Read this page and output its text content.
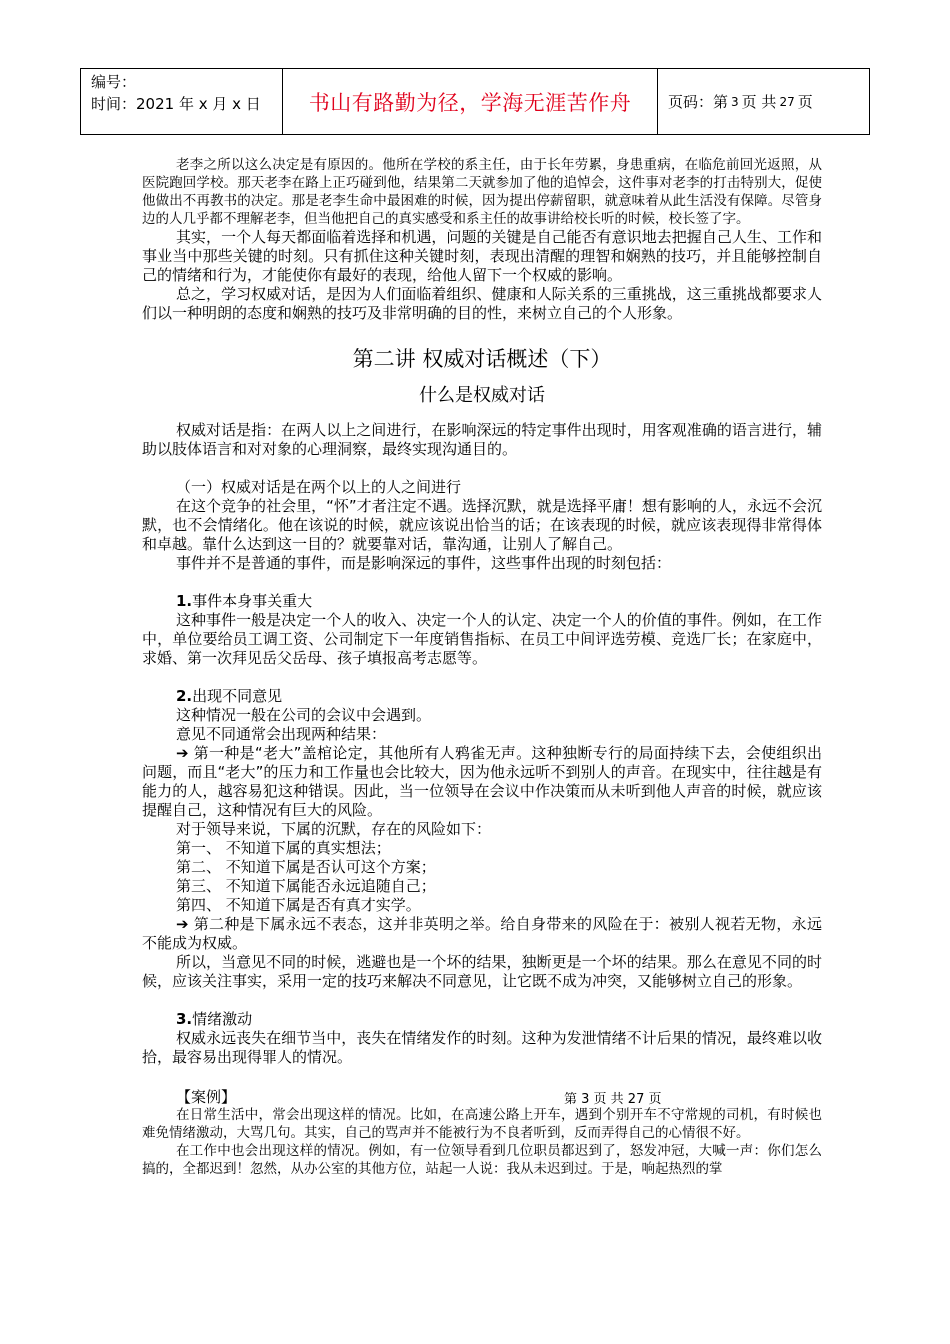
编号：
时间：2021 年 x 月 x 日	书山有路勤为径，学海无涯苦作舟	页码：第 3 页 共 27 页

老李之所以这么决定是有原因的。他所在学校的系主任，由于长年劳累，身患重病，在临危前回光返照，从医院跑回学校。那天老李在路上正巧碰到他，结果第二天就参加了他的追悼会，这件事对老李的打击特别大，促使他做出不再教书的决定。那是老李生命中最困难的时候，因为提出停薪留职，就意味着从此生活没有保障。尽管身边的人几乎都不理解老李，但当他把自己的真实感受和系主任的故事讲给校长听的时候，校长签了字。

其实，一个人每天都面临着选择和机遇，问题的关键是自己能否有意识地去把握自己人生、工作和事业当中那些关键的时刻。只有抓住这种关键时刻，表现出清醒的理智和娴熟的技巧，并且能够控制自己的情绪和行为，才能使你有最好的表现，给他人留下一个权威的影响。

总之，学习权威对话，是因为人们面临着组织、健康和人际关系的三重挑战，这三重挑战都要求人们以一种明朗的态度和娴熟的技巧及非常明确的目的性，来树立自己的个人形象。

第二讲 权威对话概述（下）
什么是权威对话

权威对话是指：在两人以上之间进行，在影响深远的特定事件出现时，用客观准确的语言进行，辅助以肢体语言和对对象的心理洞察，最终实现沟通目的。

（一）权威对话是在两个以上的人之间进行

在这个竞争的社会里，“怀”才者注定不遇。选择沉默，就是选择平庸！想有影响的人，永远不会沉默，也不会情绪化。他在该说的时候，就应该说出恰当的话；在该表现的时候，就应该表现得非常得体和卓越。靠什么达到这一目的？就要靠对话，靠沟通，让别人了解自己。

事件并不是普通的事件，而是影响深远的事件，这些事件出现的时刻包括：

1.事件本身事关重大

这种事件一般是决定一个人的收入、决定一个人的认定、决定一个人的价值的事件。例如，在工作中，单位要给员工调工资、公司制定下一年度销售指标、在员工中间评选劳模、竞选厂长；在家庭中，求婚、第一次拜见岳父岳母、孩子填报高考志愿等。

2.出现不同意见

这种情况一般在公司的会议中会遇到。

意见不同通常会出现两种结果：

➔ 第一种是“老大”盖棺论定，其他所有人鸦雀无声。这种独断专行的局面持续下去，会使组织出问题，而且“老大”的压力和工作量也会比较大，因为他永远听不到别人的声音。在现实中，往往越是有能力的人，越容易犯这种错误。因此，当一位领导在会议中作决策而从未听到他人声音的时候，就应该提醒自己，这种情况有巨大的风险。

对于领导来说，下属的沉默，存在的风险如下：

第一、 不知道下属的真实想法；

第二、 不知道下属是否认可这个方案；

第三、 不知道下属能否永远追随自己；

第四、 不知道下属是否有真才实学。

➔ 第二种是下属永远不表态，这并非英明之举。给自身带来的风险在于：被别人视若无物，永远不能成为权威。

所以，当意见不同的时候，逃避也是一个坏的结果，独断更是一个坏的结果。那么在意见不同的时候，应该关注事实，采用一定的技巧来解决不同意见，让它既不成为冲突，又能够树立自己的形象。

3.情绪激动

权威永远丧失在细节当中，丧失在情绪发作的时刻。这种为发泄情绪不计后果的情况，最终难以收拾，最容易出现得罪人的情况。

【案例】	第 3 页 共 27 页

在日常生活中，常会出现这样的情况。比如，在高速公路上开车，遇到个别开车不守常规的司机，有时候也难免情绪激动，大骂几句。其实，自己的骂声并不能被行为不良者听到，反而弄得自己的心情很不好。

在工作中也会出现这样的情况。例如，有一位领导看到几位职员都迟到了，怒发冲冠，大喊一声：你们怎么搞的，全都迟到！忽然，从办公室的其他方位，站起一人说：我从未迟到过。于是，响起热烈的掌
